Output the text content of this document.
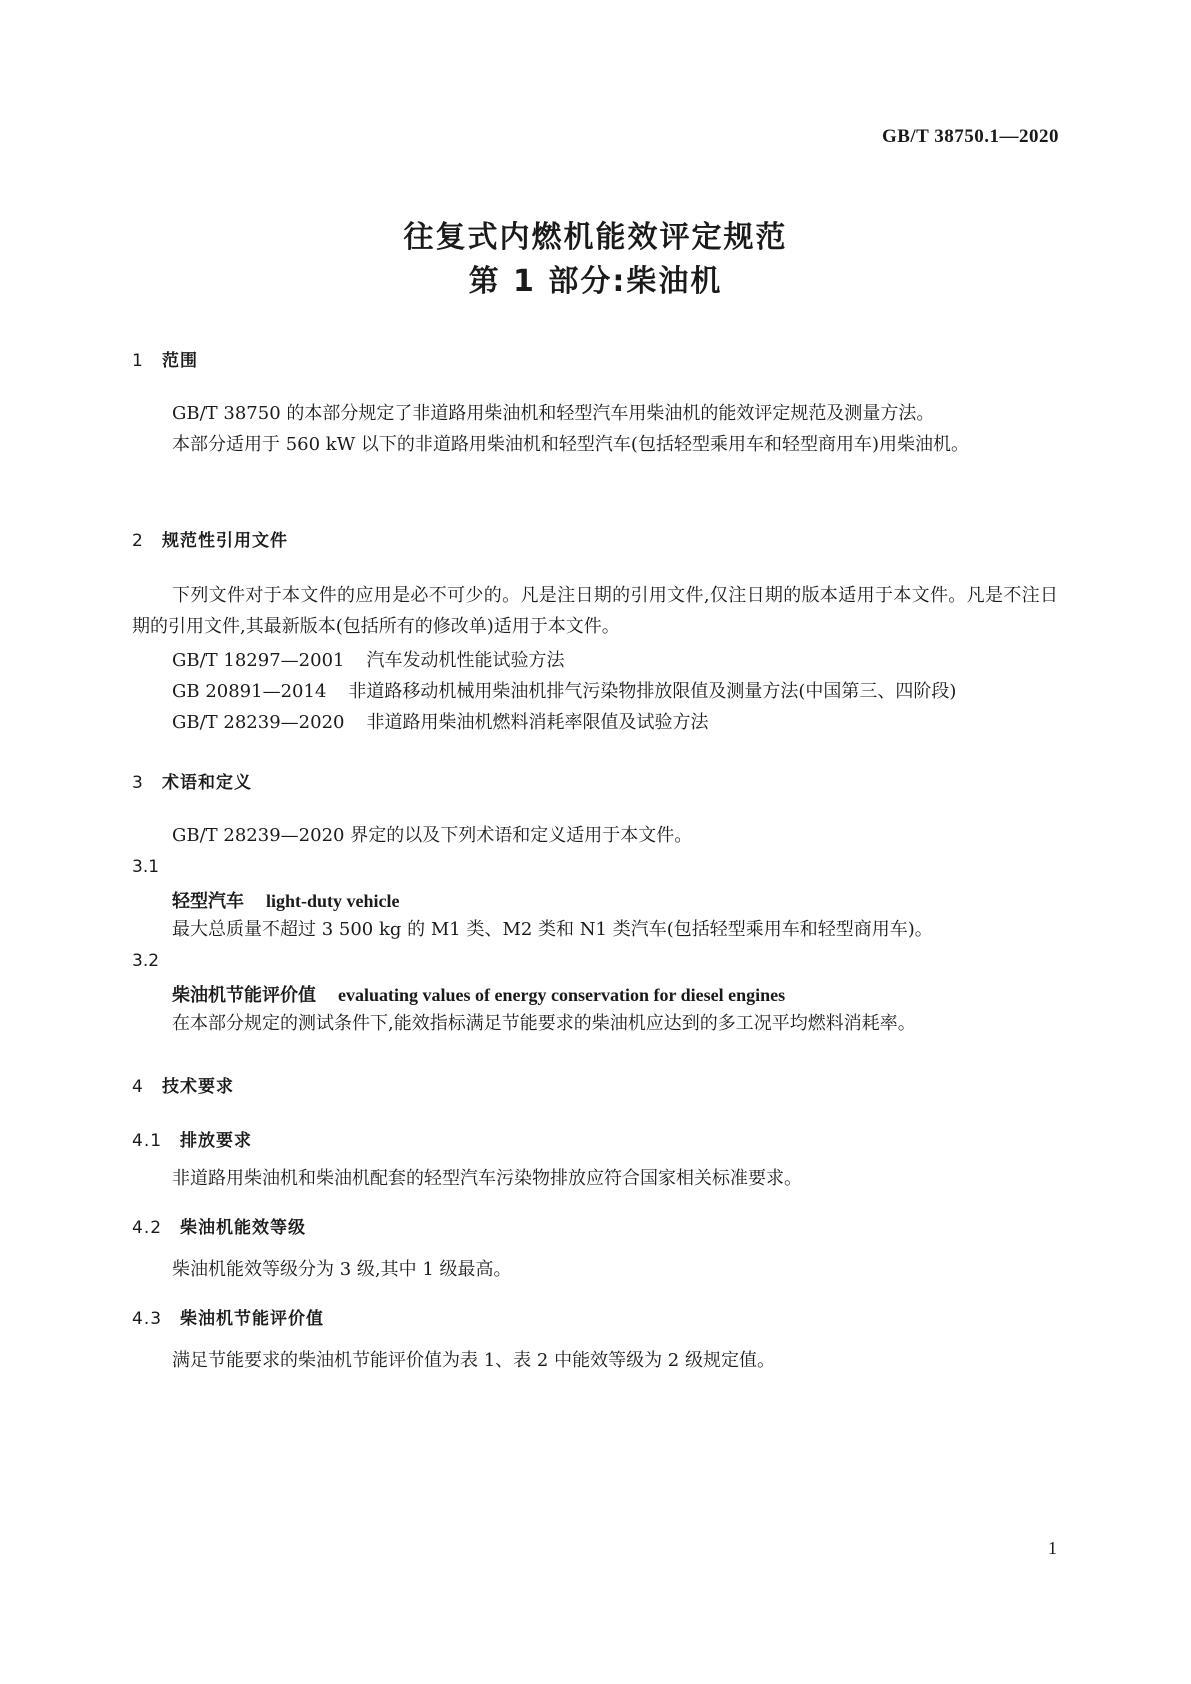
GB/T 38750.1—2020
往复式内燃机能效评定规范
第 1 部分:柴油机
1 范围
GB/T 38750 的本部分规定了非道路用柴油机和轻型汽车用柴油机的能效评定规范及测量方法。
本部分适用于 560 kW 以下的非道路用柴油机和轻型汽车(包括轻型乘用车和轻型商用车)用柴油机。
2 规范性引用文件
下列文件对于本文件的应用是必不可少的。凡是注日期的引用文件,仅注日期的版本适用于本文件。凡是不注日期的引用文件,其最新版本(包括所有的修改单)适用于本文件。
GB/T 18297—2001 汽车发动机性能试验方法
GB 20891—2014 非道路移动机械用柴油机排气污染物排放限值及测量方法(中国第三、四阶段)
GB/T 28239—2020 非道路用柴油机燃料消耗率限值及试验方法
3 术语和定义
GB/T 28239—2020 界定的以及下列术语和定义适用于本文件。
3.1
轻型汽车 light-duty vehicle
最大总质量不超过 3 500 kg 的 M1 类、M2 类和 N1 类汽车(包括轻型乘用车和轻型商用车)。
3.2
柴油机节能评价值 evaluating values of energy conservation for diesel engines
在本部分规定的测试条件下,能效指标满足节能要求的柴油机应达到的多工况平均燃料消耗率。
4 技术要求
4.1 排放要求
非道路用柴油机和柴油机配套的轻型汽车污染物排放应符合国家相关标准要求。
4.2 柴油机能效等级
柴油机能效等级分为 3 级,其中 1 级最高。
4.3 柴油机节能评价值
满足节能要求的柴油机节能评价值为表 1、表 2 中能效等级为 2 级规定值。
1
